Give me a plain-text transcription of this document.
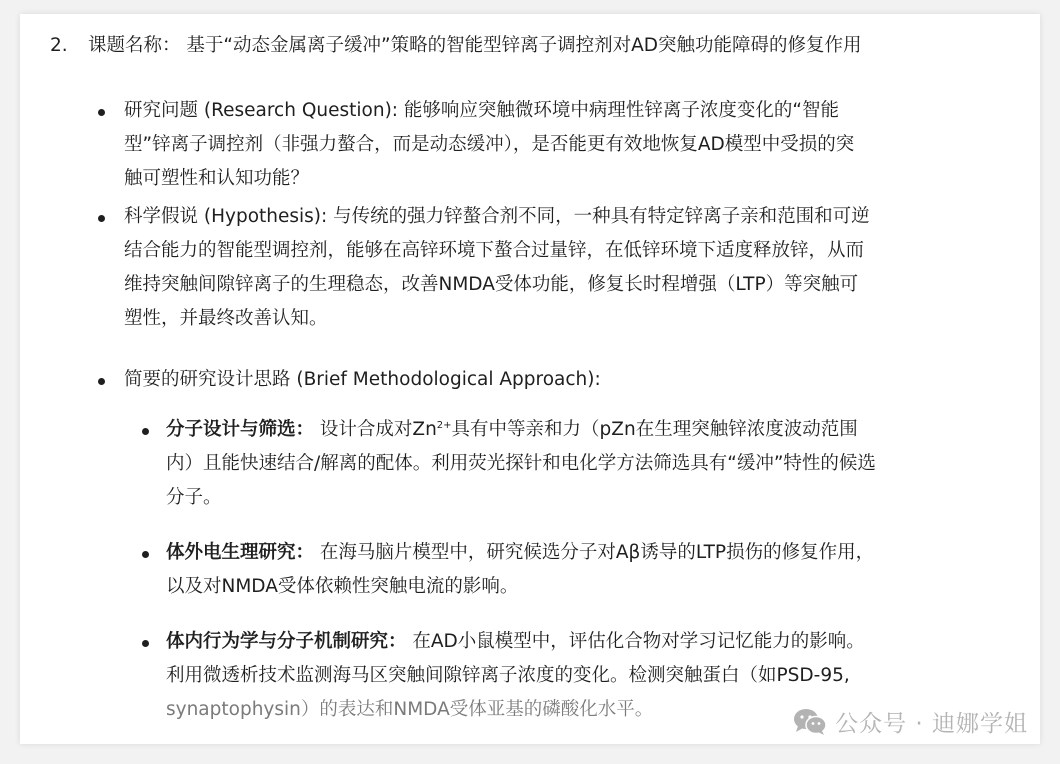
2. 课题名称： 基于“动态金属离子缓冲”策略的智能型锌离子调控剂对AD突触功能障碍的修复作用
研究问题 (Research Question): 能够响应突触微环境中病理性锌离子浓度变化的“智能
型”锌离子调控剂（非强力螯合，而是动态缓冲），是否能更有效地恢复AD模型中受损的突
触可塑性和认知功能？
科学假说 (Hypothesis): 与传统的强力锌螯合剂不同，一种具有特定锌离子亲和范围和可逆
结合能力的智能型调控剂，能够在高锌环境下螯合过量锌，在低锌环境下适度释放锌，从而
维持突触间隙锌离子的生理稳态，改善NMDA受体功能，修复长时程增强（LTP）等突触可
塑性，并最终改善认知。
简要的研究设计思路 (Brief Methodological Approach):
分子设计与筛选： 设计合成对$Zn^{2+}$具有中等亲和力（pZn在生理突触锌浓度波动范围
内）且能快速结合/解离的配体。利用荧光探针和电化学方法筛选具有“缓冲”特性的候选
分子。
体外电生理研究： 在海马脑片模型中，研究候选分子对Aβ诱导的LTP损伤的修复作用，
以及对NMDA受体依赖性突触电流的影响。
体内行为学与分子机制研究： 在AD小鼠模型中，评估化合物对学习记忆能力的影响。
利用微透析技术监测海马区突触间隙锌离子浓度的变化。检测突触蛋白（如PSD-95,
synaptophysin）的表达和NMDA受体亚基的磷酸化水平。
公众号 · 迪娜学姐
